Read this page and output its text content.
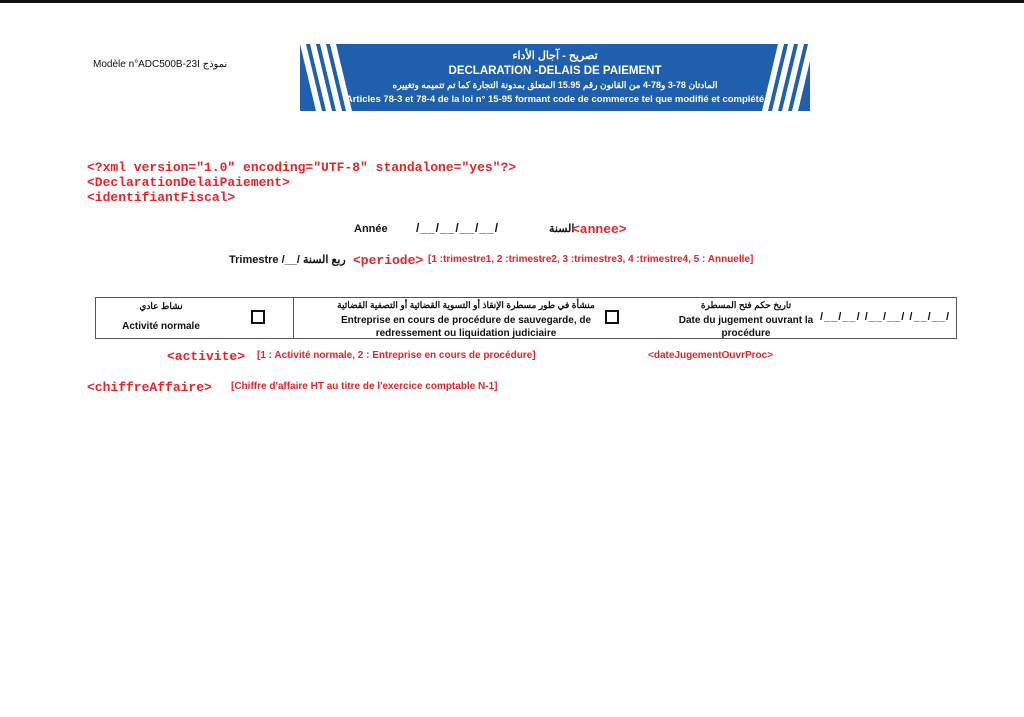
Modèle n°ADC500B-23I نموذج
تصريح - آجال الأداء
DECLARATION -DELAIS DE PAIEMENT
المادتان 78-3 و78-4 من القانون رقم 15.95 المتعلق بمدونة التجارة كما تم تتميمه وتغييره
Articles 78-3 et 78-4 de la loi n° 15-95 formant code de commerce tel que modifié et complété
<?xml version="1.0" encoding="UTF-8" standalone="yes"?>
<DeclarationDelaiPaiement>
<identifiantFiscal>
Année /__/__/__/__/	السنة
<annee>
Trimestre /__/ ربع السنة <periode> [1 :trimestre1, 2 :trimestre2, 3 :trimestre3, 4 :trimestre4, 5 : Annuelle]
نشاط عادي
Activité normale
منشأة في طور مسطرة الإنقاذ أو التسوية القضائية أو التصفية القضائية
Entreprise en cours de procédure de sauvegarde, de
redressement ou liquidation judiciaire
تاريخ حكم فتح المسطرة
Date du jugement ouvrant la
procédure
/__/__/ /__/__/ /__/__/
<activite> [1 : Activité normale, 2 : Entreprise en cours de procédure]	<dateJugementOuvrProc>
<chiffreAffaire> [Chiffre d'affaire HT au titre de l'exercice comptable N-1]
